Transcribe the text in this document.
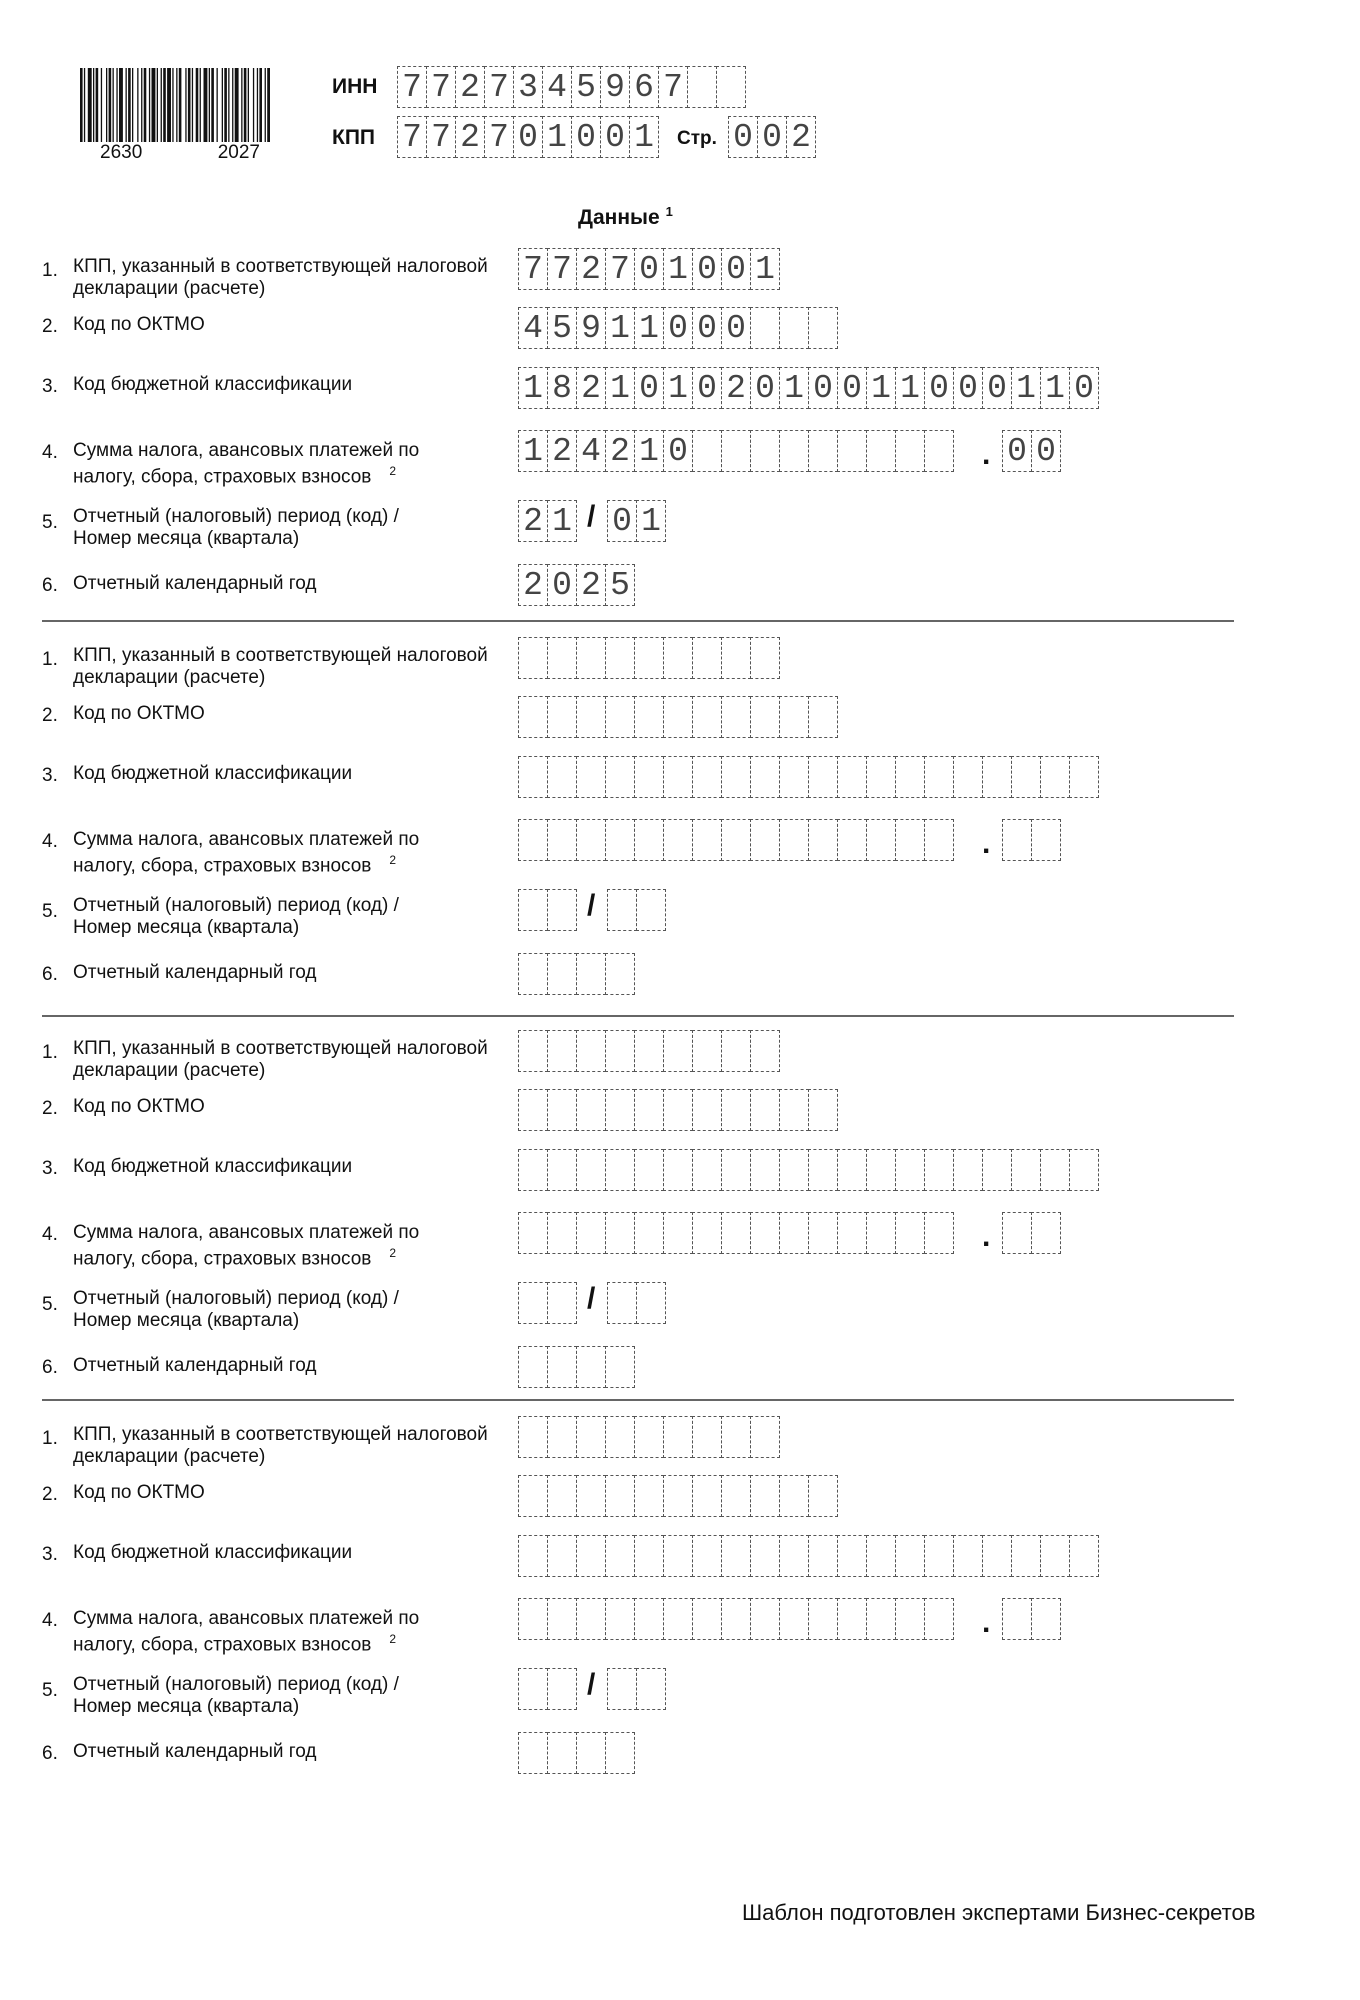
2630	2027
ИНН 7 7 2 7 3 4 5 9 6 7
КПП 7 7 2 7 0 1 0 0 1 Стр. 0 0 2
Данные $^1$
1. КПП, указанный в соответствующей налоговой
декларации (расчете)
7 7 2 7 0 1 0 0 1
2. Код по ОКТМО	4 5 9 1 1 0 0 0
3. Код бюджетной классификации	1 8 2 1 0 1 0 2 0 1 0 0 1 1 0 0 0 1 1 0
4. Сумма налога, авансовых платежей по
налогу, сбора, страховых взносов $^2$
1 2 4 2 1 0	. 0 0
5. Отчетный (налоговый) период (код) /
Номер месяца (квартала)	2 1 / 0 1
6. Отчетный календарный год	2 0 2 5
1. КПП, указанный в соответствующей налоговой
декларации (расчете)
2. Код по ОКТМО
3. Код бюджетной классификации
4. Сумма налога, авансовых платежей по
налогу, сбора, страховых взносов $^2$	.
5. Отчетный (налоговый) период (код) /
Номер месяца (квартала)
/
6. Отчетный календарный год
1. КПП, указанный в соответствующей налоговой
декларации (расчете)
2. Код по ОКТМО
3. Код бюджетной классификации
4. Сумма налога, авансовых платежей по
налогу, сбора, страховых взносов $^2$	.
5. Отчетный (налоговый) период (код) /
Номер месяца (квартала)
/
6. Отчетный календарный год
1. КПП, указанный в соответствующей налоговой
декларации (расчете)
2. Код по ОКТМО
3. Код бюджетной классификации
4. Сумма налога, авансовых платежей по
налогу, сбора, страховых взносов $^2$	.
5. Отчетный (налоговый) период (код) /
Номер месяца (квартала)
/
6. Отчетный календарный год
Шаблон подготовлен экспертами Бизнес-секретов
